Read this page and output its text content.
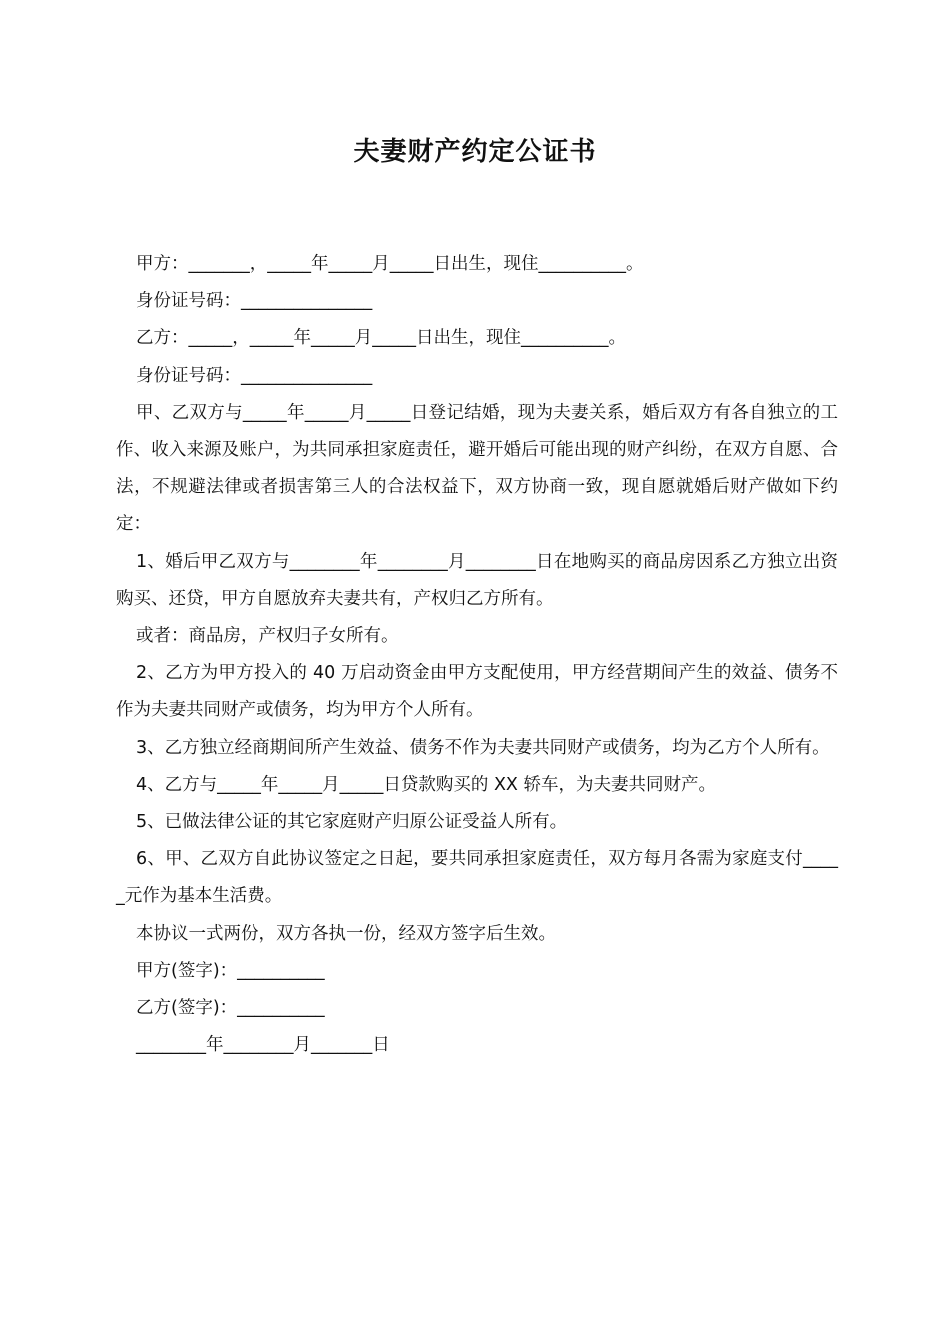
夫妻财产约定公证书

甲方：_______，_____年_____月_____日出生，现住__________。

身份证号码：_______________

乙方：_____，_____年_____月_____日出生，现住__________。

身份证号码：_______________

甲、乙双方与_____年_____月_____日登记结婚，现为夫妻关系，婚后双方有各自独立的工作、收入来源及账户，为共同承担家庭责任，避开婚后可能出现的财产纠纷，在双方自愿、合法，不规避法律或者损害第三人的合法权益下，双方协商一致，现自愿就婚后财产做如下约定：

1、婚后甲乙双方与________年________月________日在地购买的商品房因系乙方独立出资购买、还贷，甲方自愿放弃夫妻共有，产权归乙方所有。

或者：商品房，产权归子女所有。

2、乙方为甲方投入的 40 万启动资金由甲方支配使用，甲方经营期间产生的效益、债务不作为夫妻共同财产或债务，均为甲方个人所有。

3、乙方独立经商期间所产生效益、债务不作为夫妻共同财产或债务，均为乙方个人所有。

4、乙方与_____年_____月_____日贷款购买的 XX 轿车，为夫妻共同财产。

5、已做法律公证的其它家庭财产归原公证受益人所有。

6、甲、乙双方自此协议签定之日起，要共同承担家庭责任，双方每月各需为家庭支付_____元作为基本生活费。

本协议一式两份，双方各执一份，经双方签字后生效。

甲方(签字)：__________

乙方(签字)：__________

________年________月_______日
